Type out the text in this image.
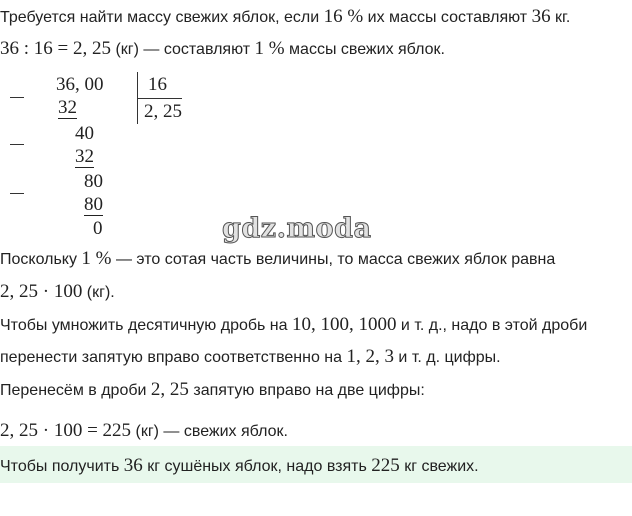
Требуется найти массу свежих яблок, если 16 % их массы составляют 36 кг.
36 : 16 = 2, 25 (кг) — составляют 1 % массы свежих яблок.
36, 00
32
40
32
80
80
0
16
2, 25
gdz.moda
Поскольку 1 % — это сотая часть величины, то масса свежих яблок равна
2, 25 · 100 (кг).
Чтобы умножить десятичную дробь на 10, 100, 1000 и т. д., надо в этой дроби
перенести запятую вправо соответственно на 1, 2, 3 и т. д. цифры.
Перенесём в дроби 2, 25 запятую вправо на две цифры:
2, 25 · 100 = 225 (кг) — свежих яблок.
Чтобы получить 36 кг сушёных яблок, надо взять 225 кг свежих.
